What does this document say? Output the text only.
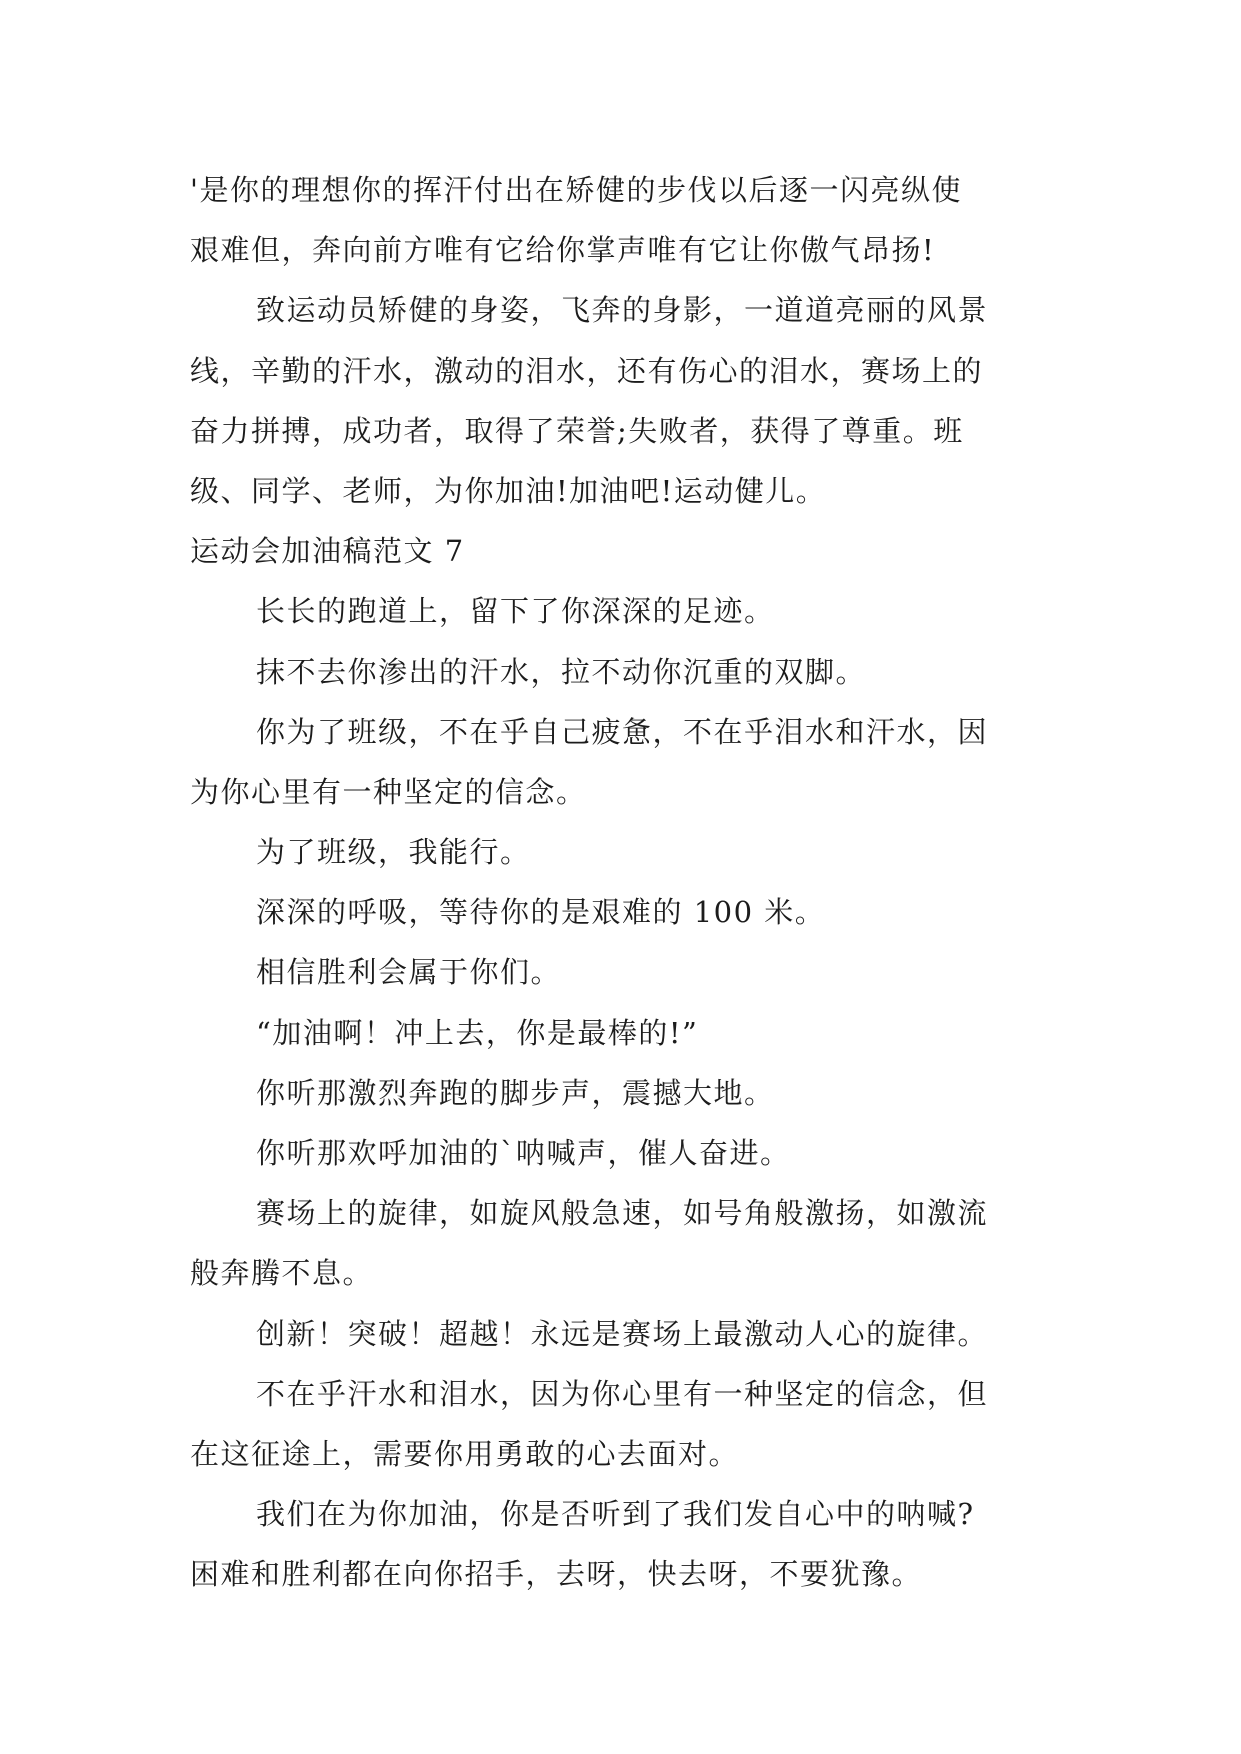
'是你的理想你的挥汗付出在矫健的步伐以后逐一闪亮纵使
艰难但，奔向前方唯有它给你掌声唯有它让你傲气昂扬!
致运动员矫健的身姿，飞奔的身影，一道道亮丽的风景
线，辛勤的汗水，激动的泪水，还有伤心的泪水，赛场上的
奋力拼搏，成功者，取得了荣誉;失败者，获得了尊重。班
级、同学、老师，为你加油!加油吧!运动健儿。
运动会加油稿范文 7
长长的跑道上，留下了你深深的足迹。
抹不去你渗出的汗水，拉不动你沉重的双脚。
你为了班级，不在乎自己疲惫，不在乎泪水和汗水，因
为你心里有一种坚定的信念。
为了班级，我能行。
深深的呼吸，等待你的是艰难的 100 米。
相信胜利会属于你们。
“加油啊！冲上去，你是最棒的!”
你听那激烈奔跑的脚步声，震撼大地。
你听那欢呼加油的`呐喊声，催人奋进。
赛场上的旋律，如旋风般急速，如号角般激扬，如激流
般奔腾不息。
创新！突破！超越！永远是赛场上最激动人心的旋律。
不在乎汗水和泪水，因为你心里有一种坚定的信念，但
在这征途上，需要你用勇敢的心去面对。
我们在为你加油，你是否听到了我们发自心中的呐喊?
困难和胜利都在向你招手，去呀，快去呀，不要犹豫。
